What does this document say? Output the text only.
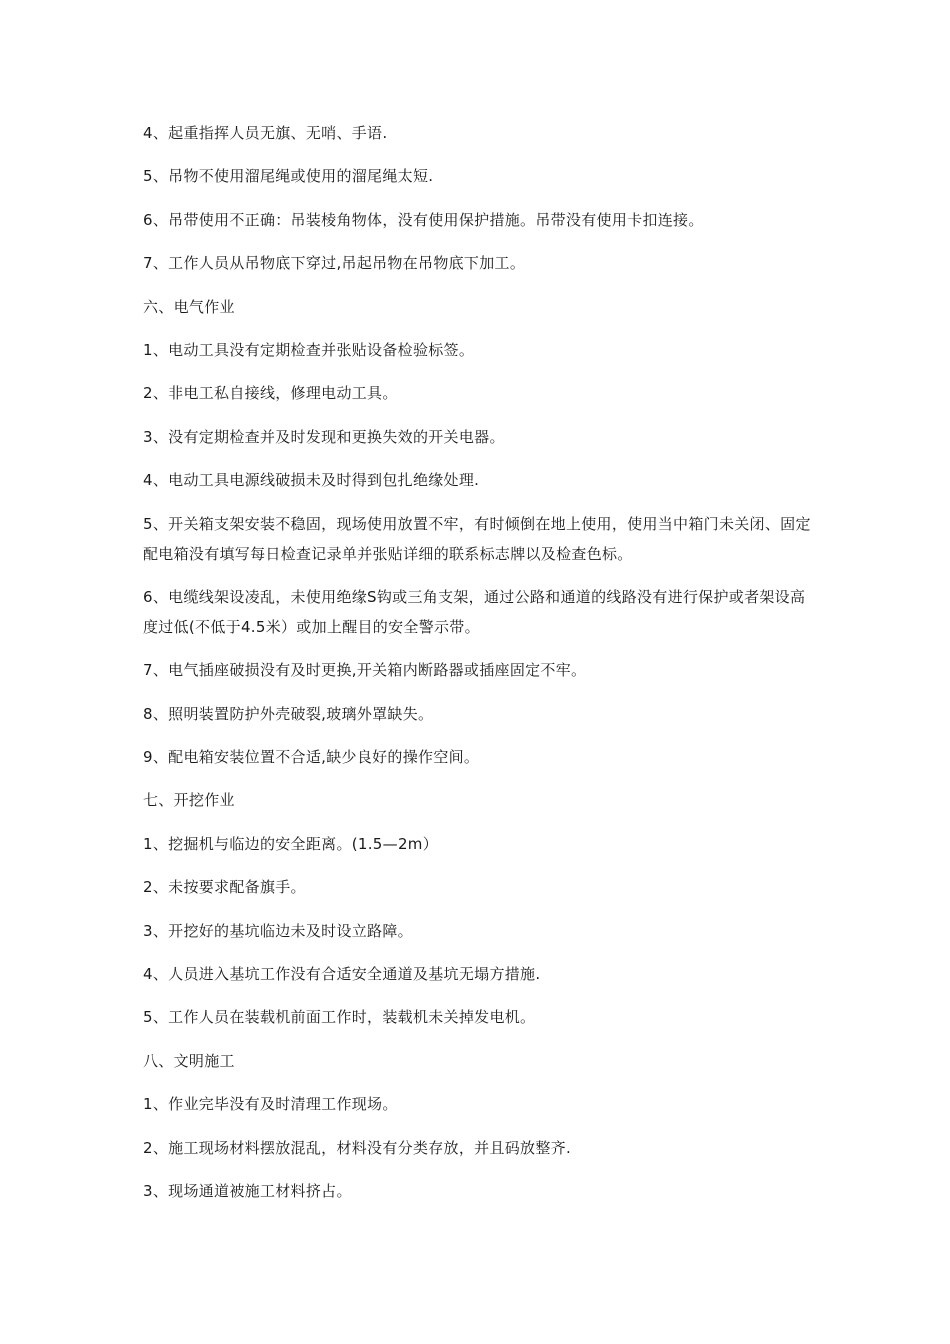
4、起重指挥人员无旗、无哨、手语.

5、吊物不使用溜尾绳或使用的溜尾绳太短.

6、吊带使用不正确：吊装棱角物体，没有使用保护措施。吊带没有使用卡扣连接。

7、工作人员从吊物底下穿过,吊起吊物在吊物底下加工。

六、电气作业

1、电动工具没有定期检查并张贴设备检验标签。

2、非电工私自接线，修理电动工具。

3、没有定期检查并及时发现和更换失效的开关电器。

4、电动工具电源线破损未及时得到包扎绝缘处理.

5、开关箱支架安装不稳固，现场使用放置不牢，有时倾倒在地上使用，使用当中箱门未关闭、固定配电箱没有填写每日检查记录单并张贴详细的联系标志牌以及检查色标。

6、电缆线架设凌乱，未使用绝缘S钩或三角支架，通过公路和通道的线路没有进行保护或者架设高度过低(不低于4.5米）或加上醒目的安全警示带。

7、电气插座破损没有及时更换,开关箱内断路器或插座固定不牢。

8、照明装置防护外壳破裂,玻璃外罩缺失。

9、配电箱安装位置不合适,缺少良好的操作空间。

七、开挖作业

1、挖掘机与临边的安全距离。(1.5—2m）

2、未按要求配备旗手。

3、开挖好的基坑临边未及时设立路障。

4、人员进入基坑工作没有合适安全通道及基坑无塌方措施.

5、工作人员在装载机前面工作时，装载机未关掉发电机。

八、文明施工

1、作业完毕没有及时清理工作现场。

2、施工现场材料摆放混乱，材料没有分类存放，并且码放整齐.

3、现场通道被施工材料挤占。
